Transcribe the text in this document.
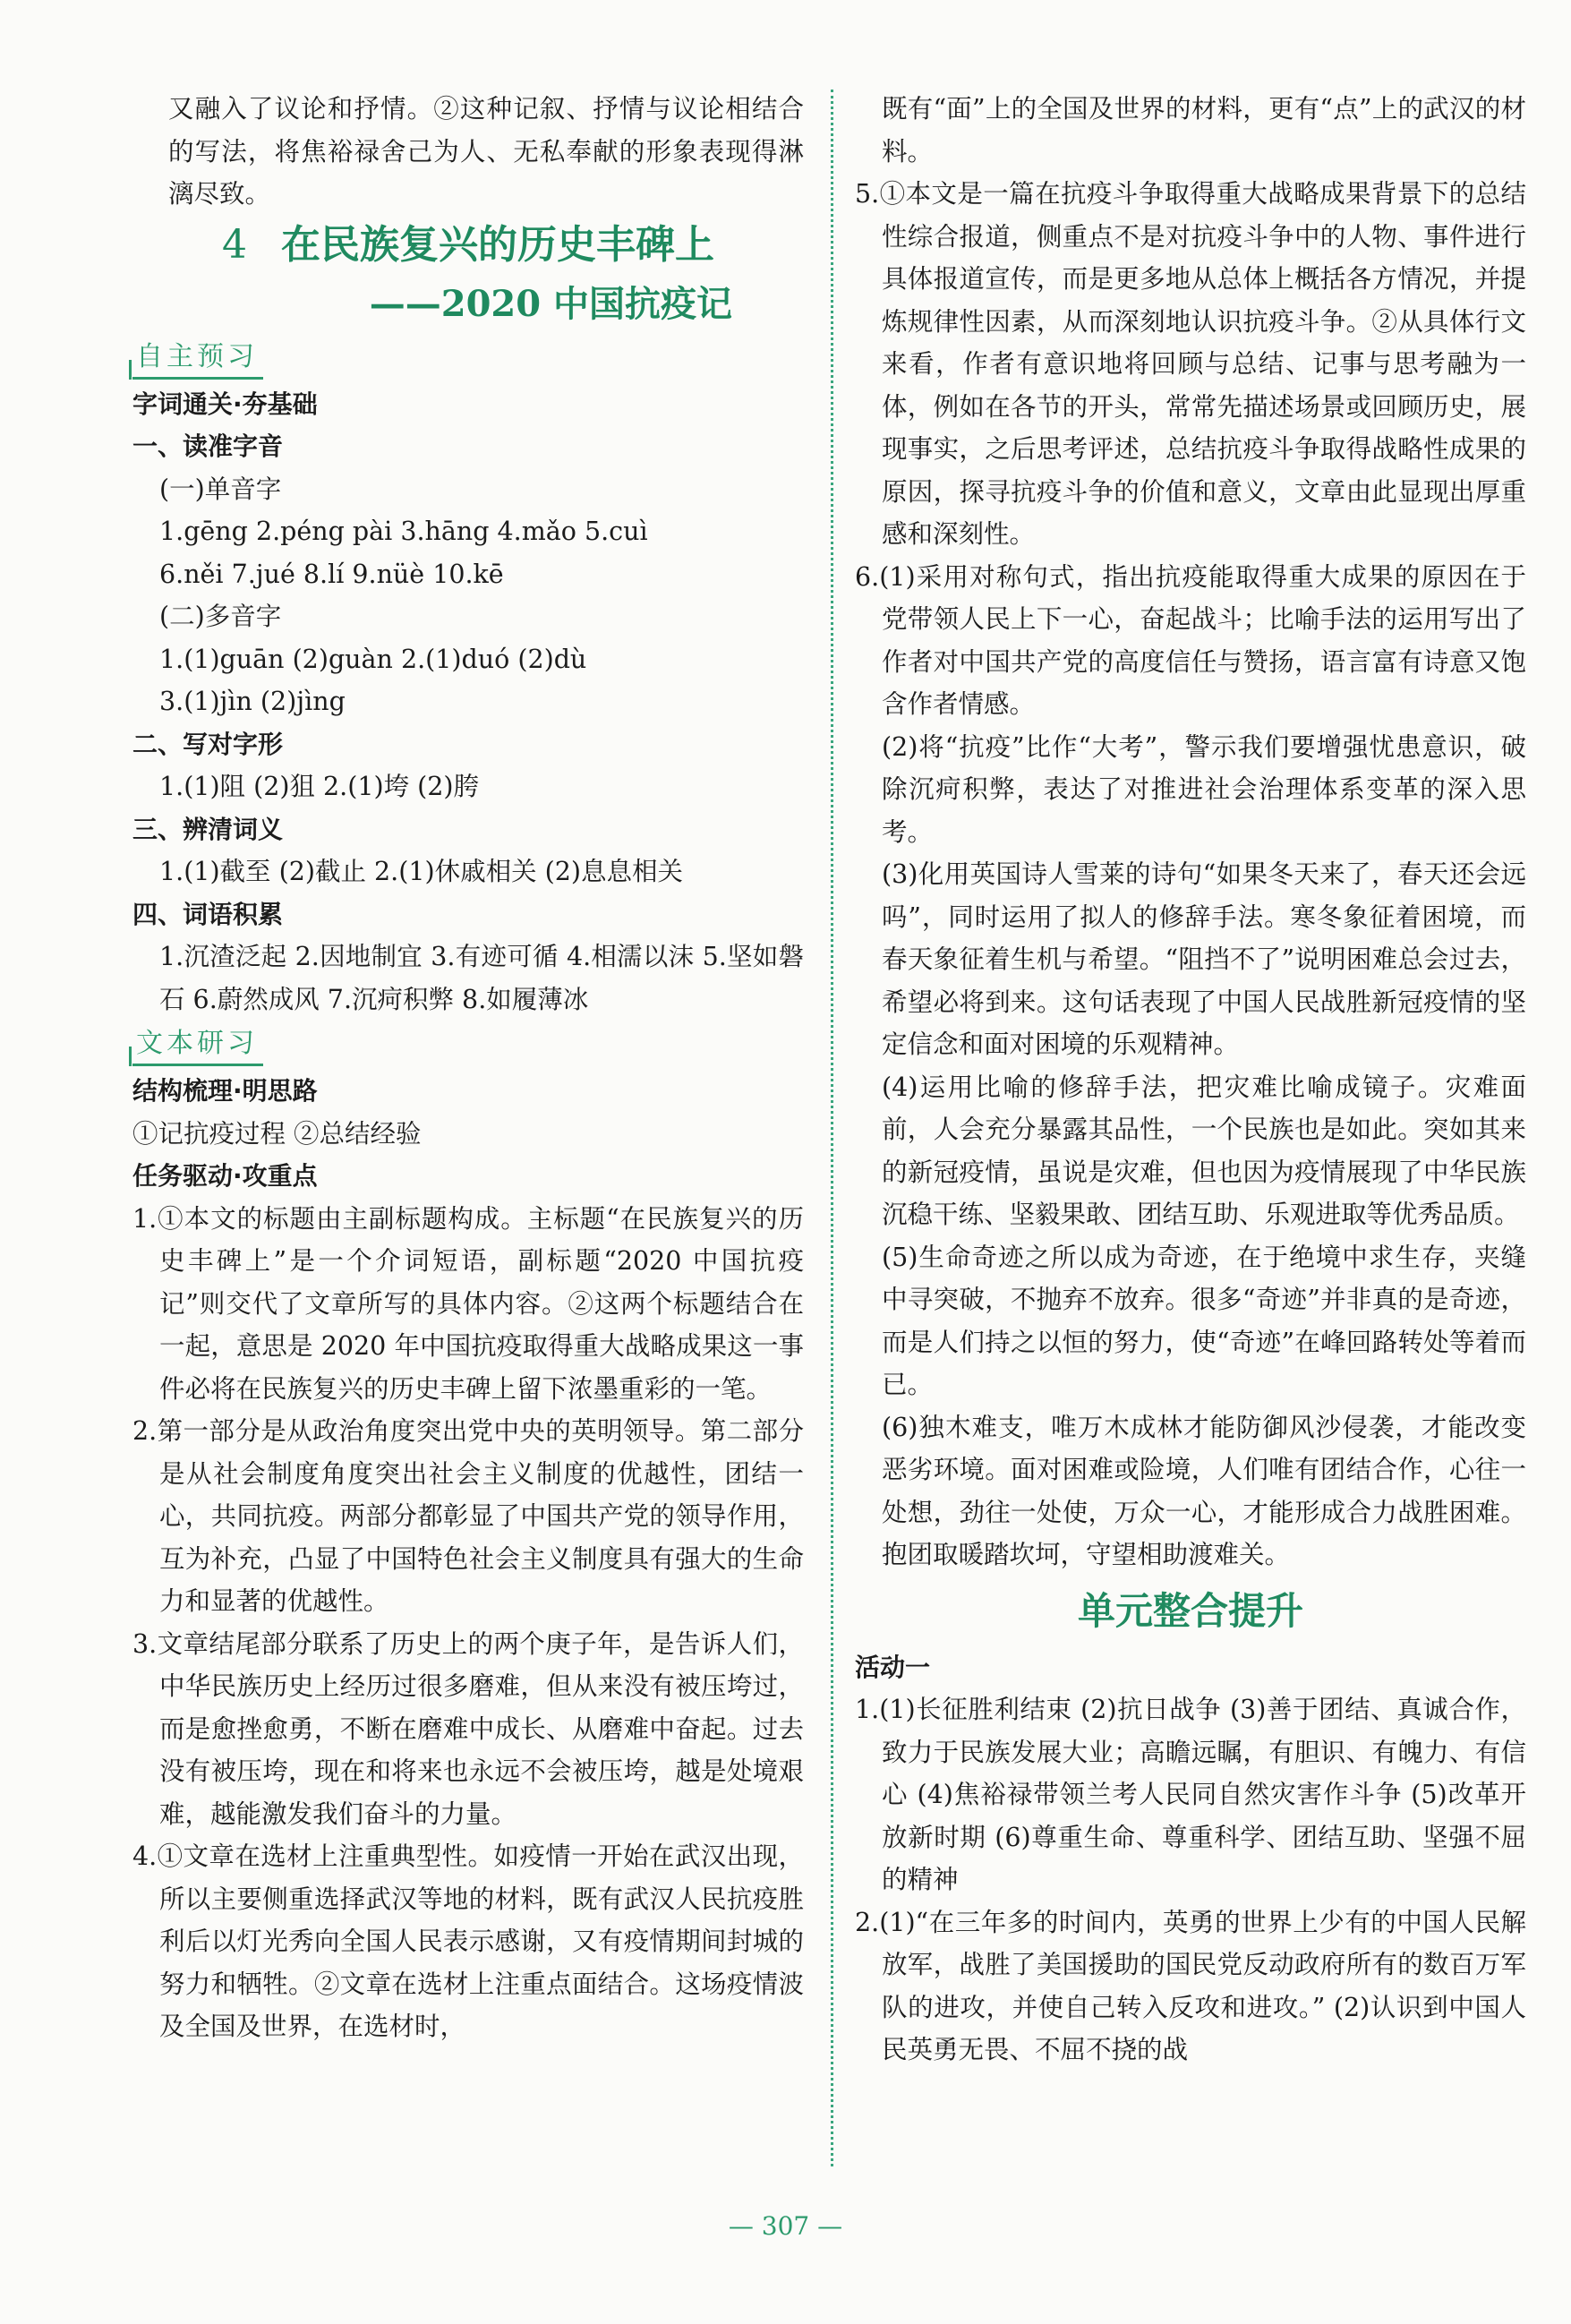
又融入了议论和抒情。②这种记叙、抒情与议论相结合的写法，将焦裕禄舍己为人、无私奉献的形象表现得淋漓尽致。

4 在民族复兴的历史丰碑上

——2020 中国抗疫记

自主预习

字词通关·夯基础

一、读准字音

(一)单音字

1.gēng 2.péng pài 3.hāng 4.mǎo 5.cuì

6.něi 7.jué 8.lí 9.nüè 10.kē

(二)多音字

1.(1)guān (2)guàn 2.(1)duó (2)dù

3.(1)jìn (2)jìng

二、写对字形

1.(1)阻 (2)狙 2.(1)垮 (2)胯

三、辨清词义

1.(1)截至 (2)截止 2.(1)休戚相关 (2)息息相关

四、词语积累

1.沉渣泛起 2.因地制宜 3.有迹可循 4.相濡以沫 5.坚如磐石 6.蔚然成风 7.沉疴积弊 8.如履薄冰

文本研习

结构梳理·明思路

①记抗疫过程 ②总结经验

任务驱动·攻重点

1.①本文的标题由主副标题构成。主标题“在民族复兴的历史丰碑上”是一个介词短语，副标题“2020 中国抗疫记”则交代了文章所写的具体内容。②这两个标题结合在一起，意思是 2020 年中国抗疫取得重大战略成果这一事件必将在民族复兴的历史丰碑上留下浓墨重彩的一笔。

2.第一部分是从政治角度突出党中央的英明领导。第二部分是从社会制度角度突出社会主义制度的优越性，团结一心，共同抗疫。两部分都彰显了中国共产党的领导作用，互为补充，凸显了中国特色社会主义制度具有强大的生命力和显著的优越性。

3.文章结尾部分联系了历史上的两个庚子年，是告诉人们，中华民族历史上经历过很多磨难，但从来没有被压垮过，而是愈挫愈勇，不断在磨难中成长、从磨难中奋起。过去没有被压垮，现在和将来也永远不会被压垮，越是处境艰难，越能激发我们奋斗的力量。

4.①文章在选材上注重典型性。如疫情一开始在武汉出现，所以主要侧重选择武汉等地的材料，既有武汉人民抗疫胜利后以灯光秀向全国人民表示感谢，又有疫情期间封城的努力和牺牲。②文章在选材上注重点面结合。这场疫情波及全国及世界，在选材时，

既有“面”上的全国及世界的材料，更有“点”上的武汉的材料。

5.①本文是一篇在抗疫斗争取得重大战略成果背景下的总结性综合报道，侧重点不是对抗疫斗争中的人物、事件进行具体报道宣传，而是更多地从总体上概括各方情况，并提炼规律性因素，从而深刻地认识抗疫斗争。②从具体行文来看，作者有意识地将回顾与总结、记事与思考融为一体，例如在各节的开头，常常先描述场景或回顾历史，展现事实，之后思考评述，总结抗疫斗争取得战略性成果的原因，探寻抗疫斗争的价值和意义，文章由此显现出厚重感和深刻性。

6.(1)采用对称句式，指出抗疫能取得重大成果的原因在于党带领人民上下一心，奋起战斗；比喻手法的运用写出了作者对中国共产党的高度信任与赞扬，语言富有诗意又饱含作者情感。

(2)将“抗疫”比作“大考”，警示我们要增强忧患意识，破除沉疴积弊，表达了对推进社会治理体系变革的深入思考。

(3)化用英国诗人雪莱的诗句“如果冬天来了，春天还会远吗”，同时运用了拟人的修辞手法。寒冬象征着困境，而春天象征着生机与希望。“阻挡不了”说明困难总会过去，希望必将到来。这句话表现了中国人民战胜新冠疫情的坚定信念和面对困境的乐观精神。

(4)运用比喻的修辞手法，把灾难比喻成镜子。灾难面前，人会充分暴露其品性，一个民族也是如此。突如其来的新冠疫情，虽说是灾难，但也因为疫情展现了中华民族沉稳干练、坚毅果敢、团结互助、乐观进取等优秀品质。

(5)生命奇迹之所以成为奇迹，在于绝境中求生存，夹缝中寻突破，不抛弃不放弃。很多“奇迹”并非真的是奇迹，而是人们持之以恒的努力，使“奇迹”在峰回路转处等着而已。

(6)独木难支，唯万木成林才能防御风沙侵袭，才能改变恶劣环境。面对困难或险境，人们唯有团结合作，心往一处想，劲往一处使，万众一心，才能形成合力战胜困难。抱团取暖踏坎坷，守望相助渡难关。

单元整合提升

活动一

1.(1)长征胜利结束 (2)抗日战争 (3)善于团结、真诚合作，致力于民族发展大业；高瞻远瞩，有胆识、有魄力、有信心 (4)焦裕禄带领兰考人民同自然灾害作斗争 (5)改革开放新时期 (6)尊重生命、尊重科学、团结互助、坚强不屈的精神

2.(1)“在三年多的时间内，英勇的世界上少有的中国人民解放军，战胜了美国援助的国民党反动政府所有的数百万军队的进攻，并使自己转入反攻和进攻。” (2)认识到中国人民英勇无畏、不屈不挠的战

— 307 —
